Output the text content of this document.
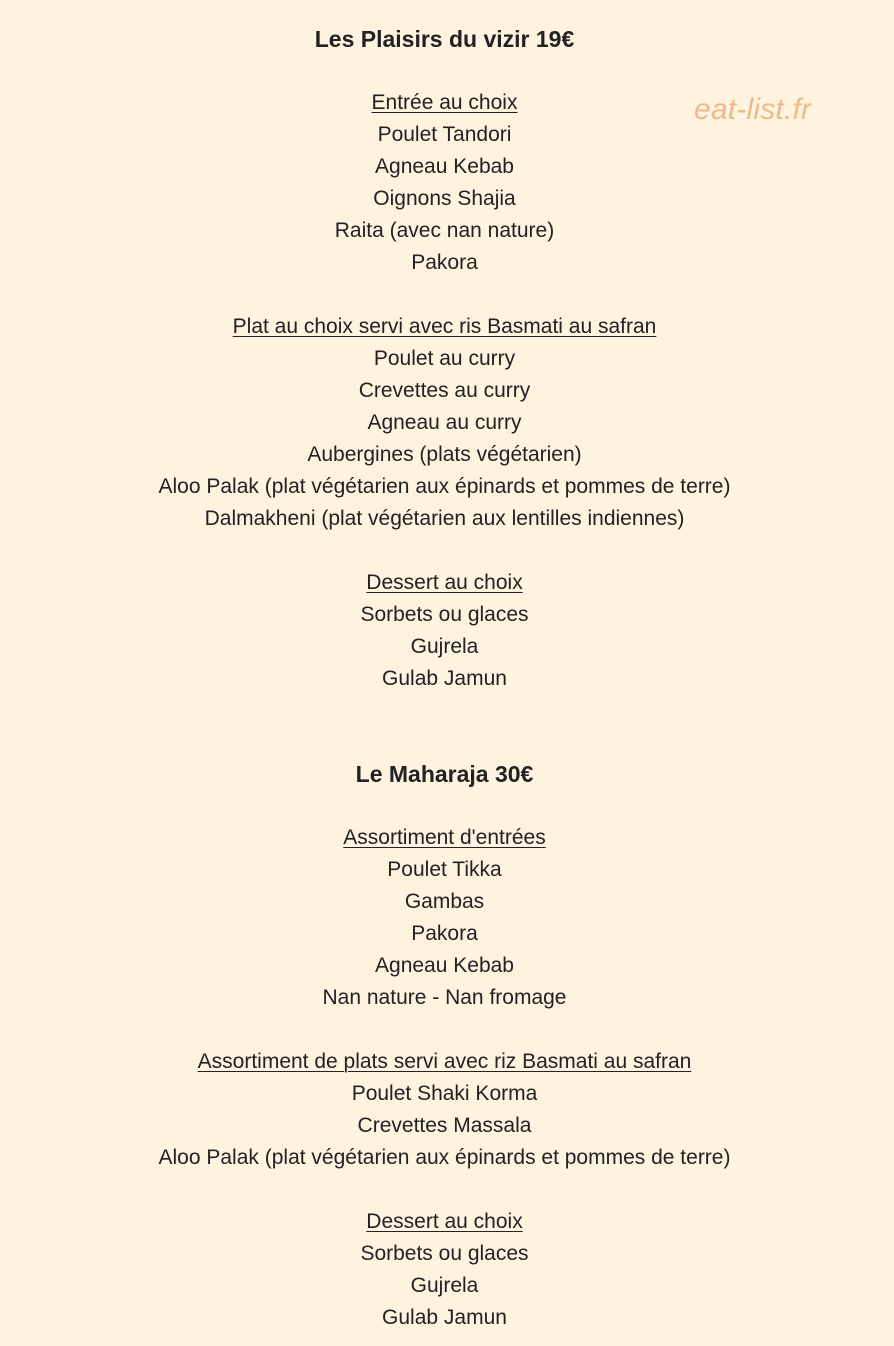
eat-list.fr
Les Plaisirs du vizir 19€
Entrée au choix
Poulet Tandori
Agneau Kebab
Oignons Shajia
Raita (avec nan nature)
Pakora
Plat au choix servi avec ris Basmati au safran
Poulet au curry
Crevettes au curry
Agneau au curry
Aubergines (plats végétarien)
Aloo Palak (plat végétarien aux épinards et pommes de terre)
Dalmakheni (plat végétarien aux lentilles indiennes)
Dessert au choix
Sorbets ou glaces
Gujrela
Gulab Jamun
Le Maharaja 30€
Assortiment d'entrées
Poulet Tikka
Gambas
Pakora
Agneau Kebab
Nan nature - Nan fromage
Assortiment de plats servi avec riz Basmati au safran
Poulet Shaki Korma
Crevettes Massala
Aloo Palak (plat végétarien aux épinards et pommes de terre)
Dessert au choix
Sorbets ou glaces
Gujrela
Gulab Jamun
